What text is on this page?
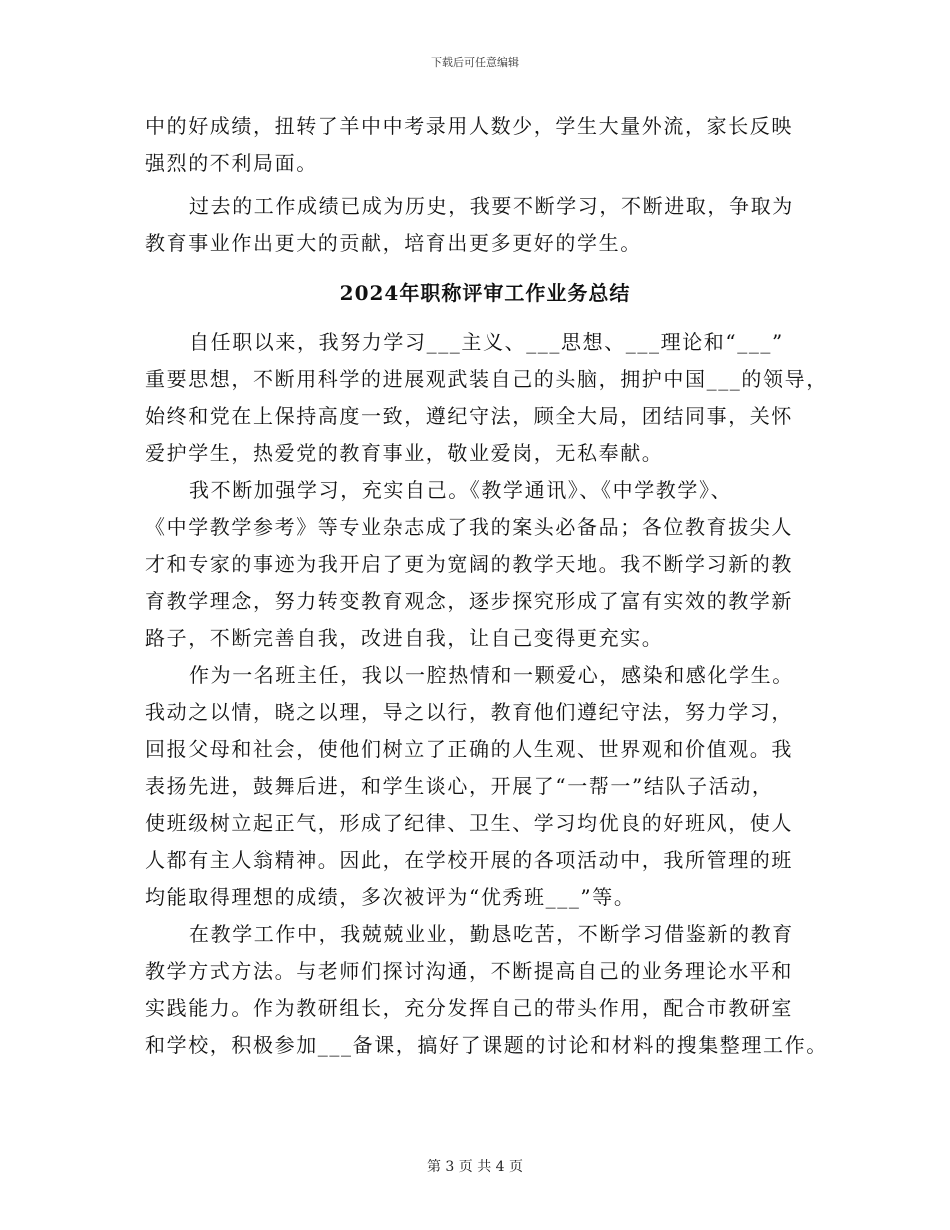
下载后可任意编辑
中的好成绩，扭转了羊中中考录用人数少，学生大量外流，家长反映
强烈的不利局面。
过去的工作成绩已成为历史，我要不断学习，不断进取，争取为
教育事业作出更大的贡献，培育出更多更好的学生。
2024年职称评审工作业务总结
自任职以来，我努力学习___主义、___思想、___理论和“___”
重要思想，不断用科学的进展观武装自己的头脑，拥护中国___的领导，
始终和党在上保持高度一致，遵纪守法，顾全大局，团结同事，关怀
爱护学生，热爱党的教育事业，敬业爱岗，无私奉献。
我不断加强学习，充实自己。《教学通讯》、《中学教学》、
《中学教学参考》等专业杂志成了我的案头必备品；各位教育拔尖人
才和专家的事迹为我开启了更为宽阔的教学天地。我不断学习新的教
育教学理念，努力转变教育观念，逐步探究形成了富有实效的教学新
路子，不断完善自我，改进自我，让自己变得更充实。
作为一名班主任，我以一腔热情和一颗爱心，感染和感化学生。
我动之以情，晓之以理，导之以行，教育他们遵纪守法，努力学习，
回报父母和社会，使他们树立了正确的人生观、世界观和价值观。我
表扬先进，鼓舞后进，和学生谈心，开展了“一帮一”结队子活动，
使班级树立起正气，形成了纪律、卫生、学习均优良的好班风，使人
人都有主人翁精神。因此，在学校开展的各项活动中，我所管理的班
均能取得理想的成绩，多次被评为“优秀班___”等。
在教学工作中，我兢兢业业，勤恳吃苦，不断学习借鉴新的教育
教学方式方法。与老师们探讨沟通，不断提高自己的业务理论水平和
实践能力。作为教研组长，充分发挥自己的带头作用，配合市教研室
和学校，积极参加___备课，搞好了课题的讨论和材料的搜集整理工作。
第 3 页 共 4 页
